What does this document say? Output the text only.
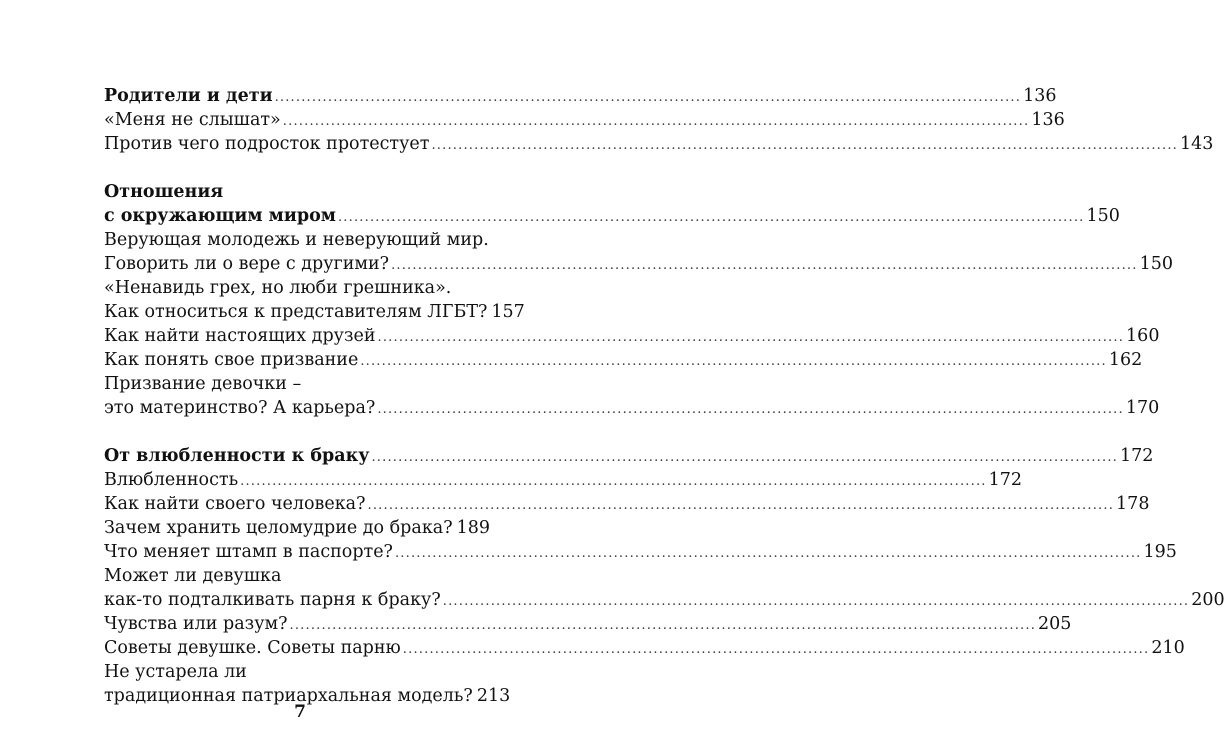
Родители и дети .....	136
«Меня не слышат» .....	136
Против чего подросток протестует .....	143
Отношения
с окружающим миром .....	150
Верующая молодежь и неверующий мир.
Говорить ли о вере с другими? .....	150
«Ненавидь грех, но люби грешника».
Как относиться к представителям ЛГБТ? 157
Как найти настоящих друзей .....	160
Как понять свое призвание .....	162
Призвание девочки –
это материнство? А карьера? .....	170
От влюбленности к браку .....	172
Влюбленность .....	172
Как найти своего человека? .....	178
Зачем хранить целомудрие до брака? 189
Что меняет штамп в паспорте? .....	195
Может ли девушка
как-то подталкивать парня к браку? .....	200
Чувства или разум? .....	205
Советы девушке. Советы парню .....	210
Не устарела ли
традиционная патриархальная модель? 213
7
